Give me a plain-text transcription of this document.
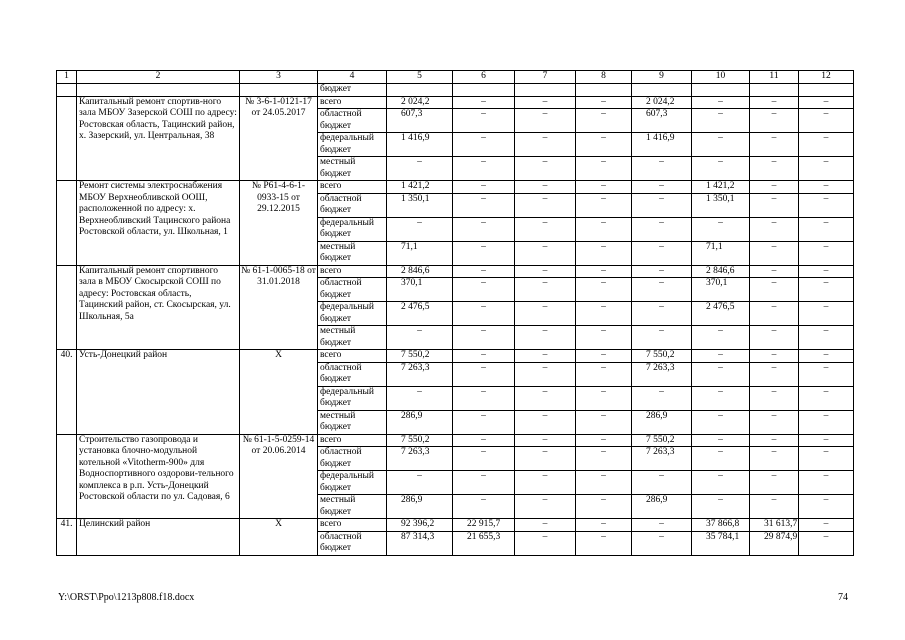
1	2	3	4	5	6	7	8	9	10	11	12
			бюджет								
	Капитальный ремонт спортив-ного зала МБОУ Зазерской СОШ по адресу: Ростовская область, Тацинский район, х. Зазерский, ул. Центральная, 38	№ 3-6-1-0121-17 от 24.05.2017	всего	2 024,2	–	–	–	2 024,2	–	–	–
			областной бюджет	607,3	–	–	–	607,3	–	–	–
			федеральный бюджет	1 416,9	–	–	–	1 416,9	–	–	–
			местный бюджет	–	–	–	–	–	–	–	–
	Ремонт системы электроснабжения МБОУ Верхнеобливской ООШ, расположенной по адресу: х. Верхнеобливский Тацинского района Ростовской области, ул. Школьная, 1	№ Р61-4-6-1-0933-15 от 29.12.2015	всего	1 421,2	–	–	–	–	1 421,2	–	–
			областной бюджет	1 350,1	–	–	–	–	1 350,1	–	–
			федеральный бюджет	–	–	–	–	–	–	–	–
			местный бюджет	71,1	–	–	–	–	71,1	–	–
	Капитальный ремонт спортивного зала в МБОУ Скосырской СОШ по адресу: Ростовская область, Тацинский район, ст. Скосырская, ул. Школьная, 5а	№ 61-1-0065-18 от 31.01.2018	всего	2 846,6	–	–	–	–	2 846,6	–	–
			областной бюджет	370,1	–	–	–	–	370,1	–	–
			федеральный бюджет	2 476,5	–	–	–	–	2 476,5	–	–
			местный бюджет	–	–	–	–	–	–	–	–
40.	Усть-Донецкий район	Х	всего	7 550,2	–	–	–	7 550,2	–	–	–
			областной бюджет	7 263,3	–	–	–	7 263,3	–	–	–
			федеральный бюджет	–	–	–	–	–	–	–	–
			местный бюджет	286,9	–	–	–	286,9	–	–	–
	Строительство газопровода и установка блочно-модульной котельной «Vitotherm-900» для Водноспортивного оздорови-тельного комплекса в р.п. Усть-Донецкий Ростовской области по ул. Садовая, 6	№ 61-1-5-0259-14 от 20.06.2014	всего	7 550,2	–	–	–	7 550,2	–	–	–
			областной бюджет	7 263,3	–	–	–	7 263,3	–	–	–
			федеральный бюджет	–	–	–	–	–	–	–	–
			местный бюджет	286,9	–	–	–	286,9	–	–	–
41.	Целинский район	Х	всего	92 396,2	22 915,7	–	–	–	37 866,8	31 613,7	–
			областной бюджет	87 314,3	21 655,3	–	–	–	35 784,1	29 874,9	–
Y:\ORST\Ppo\1213p808.f18.docx	74
